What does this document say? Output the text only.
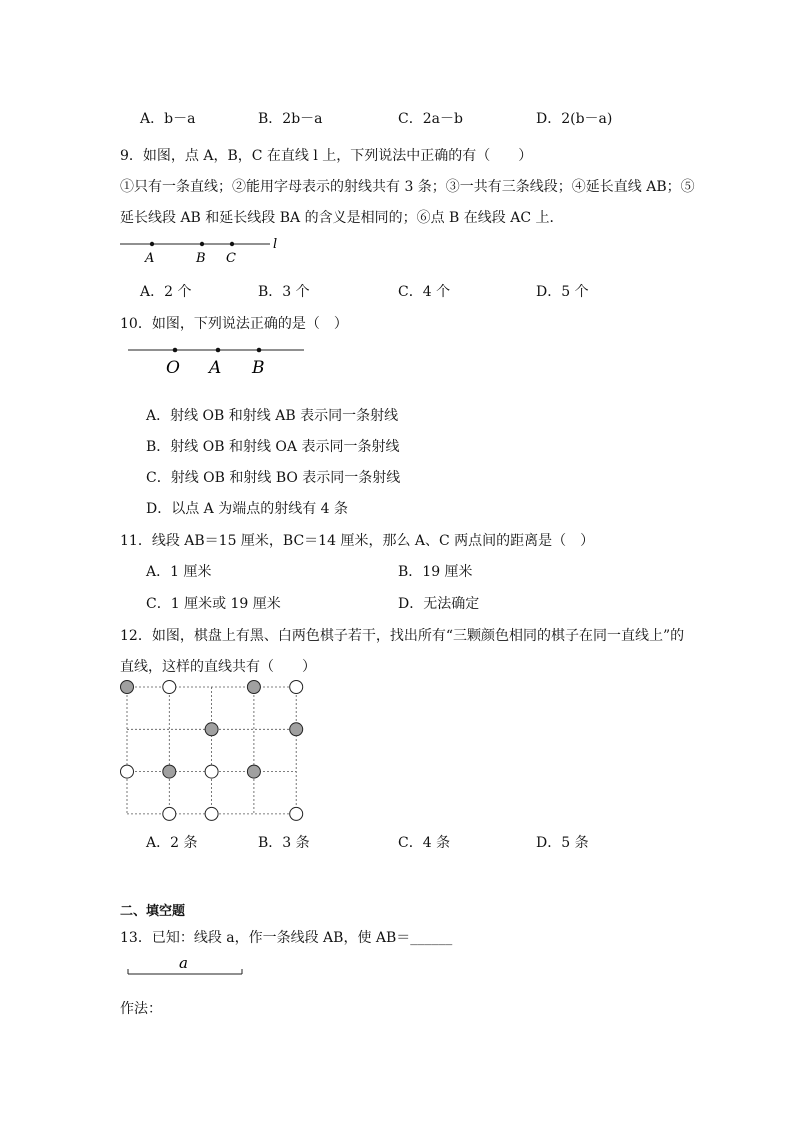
A．b－a	B．2b－a	C．2a－b	D．2(b－a)
9．如图，点 A，B，C 在直线 l 上，下列说法中正确的有（　　）
①只有一条直线；②能用字母表示的射线共有 3 条；③一共有三条线段；④延长直线 AB；⑤
延长线段 AB 和延长线段 BA 的含义是相同的；⑥点 B 在线段 AC 上．
A	B C
l
A．2 个	B．3 个	C．4 个	D．5 个
10．如图，下列说法正确的是（　）
O A B
A．射线 OB 和射线 AB 表示同一条射线
B．射线 OB 和射线 OA 表示同一条射线
C．射线 OB 和射线 BO 表示同一条射线
D．以点 A 为端点的射线有 4 条
11．线段 AB＝15 厘米，BC＝14 厘米，那么 A、C 两点间的距离是（　）
A．1 厘米	B．19 厘米
C．1 厘米或 19 厘米	D．无法确定
12．如图，棋盘上有黑、白两色棋子若干，找出所有“三颗颜色相同的棋子在同一直线上”的
直线，这样的直线共有（　　）
A．2 条	B．3 条	C．4 条	D．5 条
二、填空题
13．已知：线段 a，作一条线段 AB，使 AB＝______
a
作法：
